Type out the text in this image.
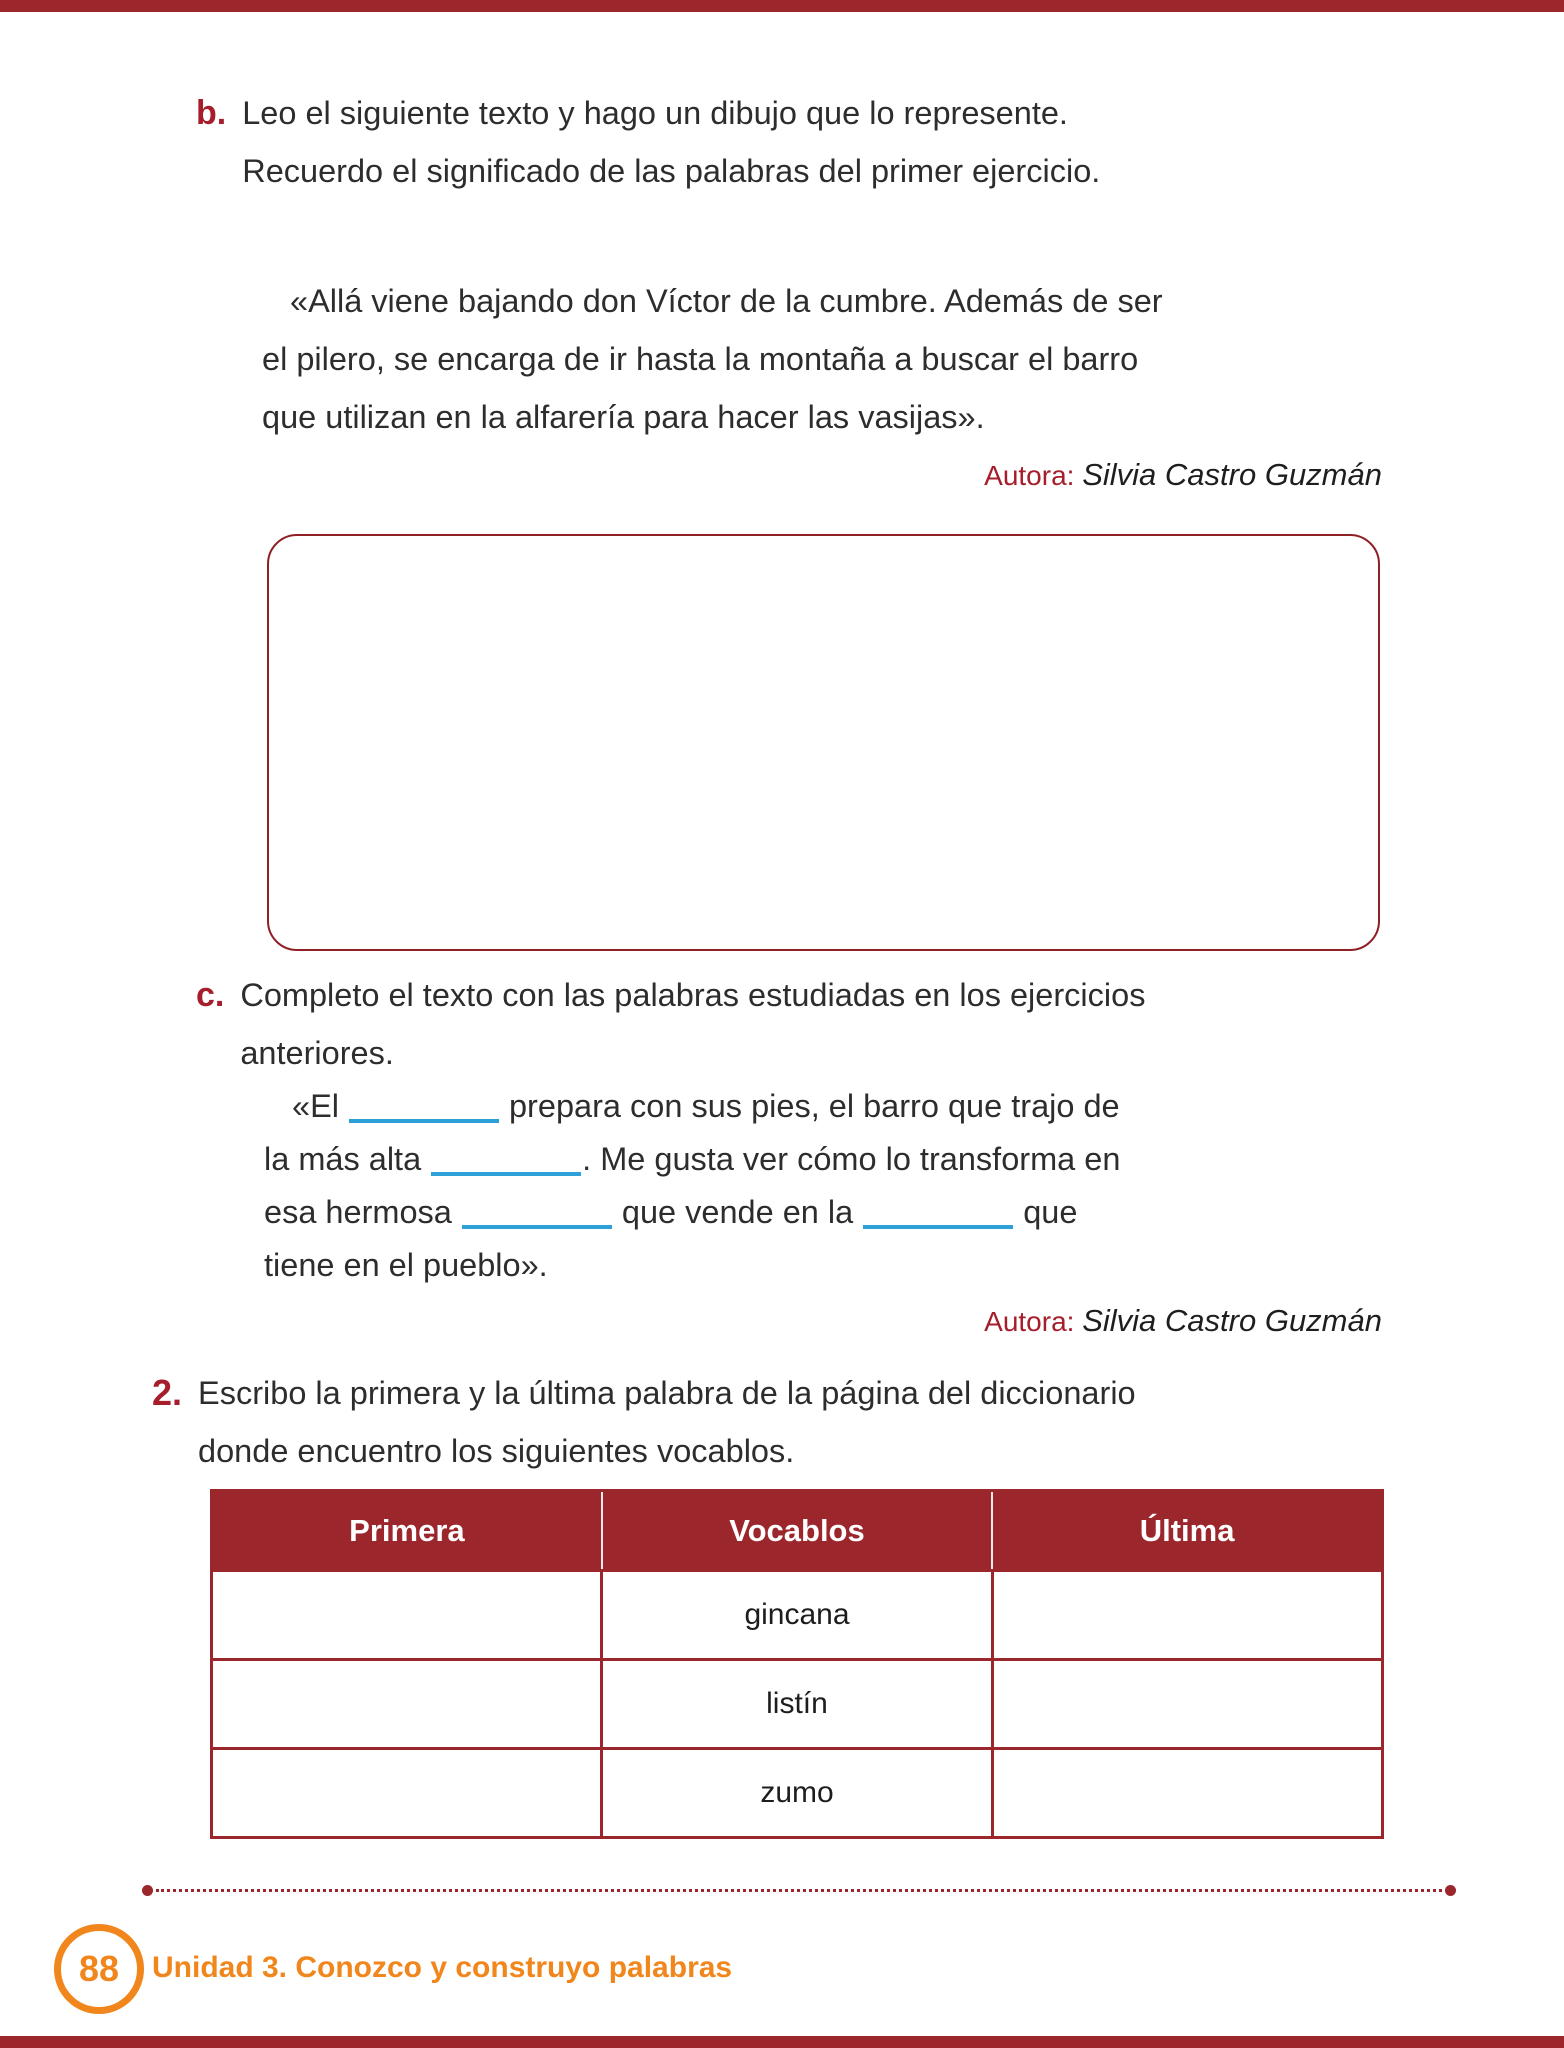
b. Leo el siguiente texto y hago un dibujo que lo represente.
Recuerdo el significado de las palabras del primer ejercicio.
«Allá viene bajando don Víctor de la cumbre. Además de ser
el pilero, se encarga de ir hasta la montaña a buscar el barro
que utilizan en la alfarería para hacer las vasijas».
Autora: Silvia Castro Guzmán
c. Completo el texto con las palabras estudiadas en los ejercicios
anteriores.
«El	prepara con sus pies, el barro que trajo de
la más alta	. Me gusta ver cómo lo transforma en
esa hermosa	que vende en la	que
tiene en el pueblo».
Autora: Silvia Castro Guzmán
2. Escribo la primera y la última palabra de la página del diccionario
donde encuentro los siguientes vocablos.
Primera	Vocablos	Última
	gincana	
	listín	
	zumo	
88 Unidad 3. Conozco y construyo palabras
